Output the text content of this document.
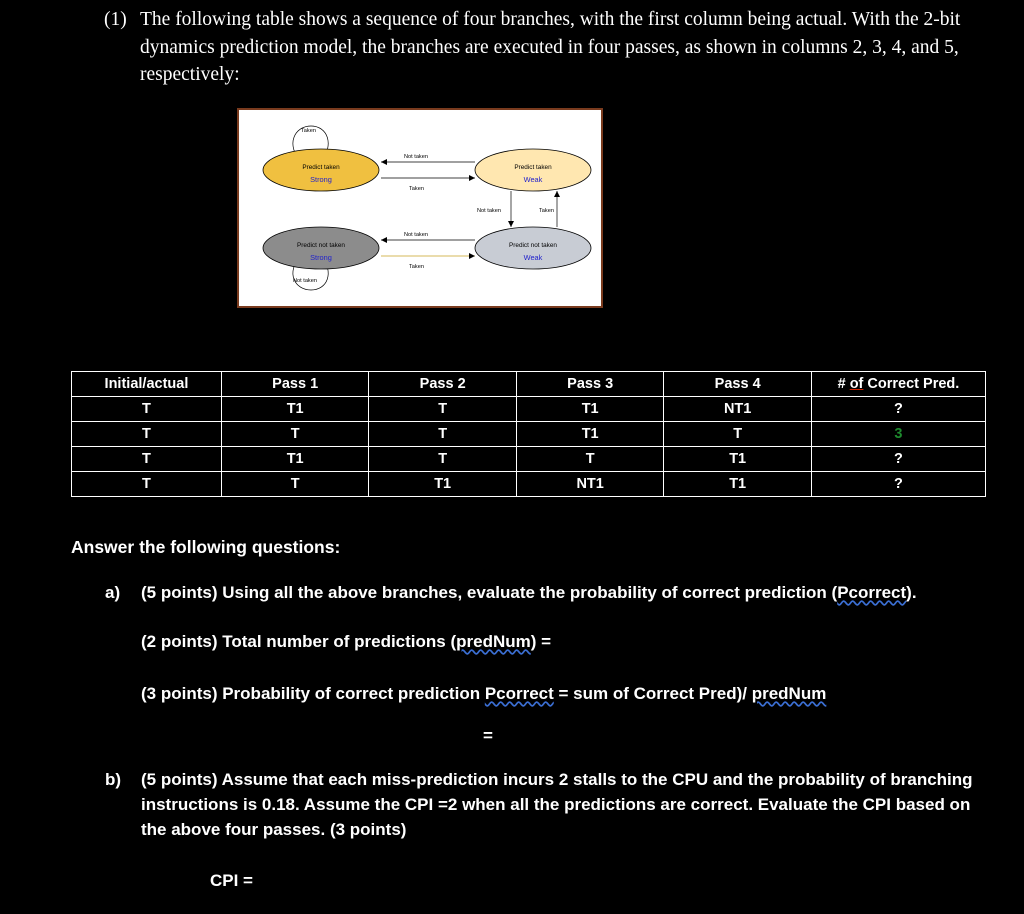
(1) The following table shows a sequence of four branches, with the first column being actual. With the 2-bit dynamics prediction model, the branches are executed in four passes, as shown in columns 2, 3, 4, and 5, respectively:
Taken
Not taken
Predict taken
Strong
Predict taken
Weak
Predict not taken
Strong
Predict not taken
Weak
Not taken
Taken
Not taken	Taken
Not taken
Taken
Initial/actual	Pass 1	Pass 2	Pass 3	Pass 4	# of Correct Pred.
T	T1	T	T1	NT1	?
T	T	T	T1	T	3
T	T1	T	T	T1	?
T	T	T1	NT1	T1	?
Answer the following questions:
a)	(5 points) Using all the above branches, evaluate the probability of correct prediction (Pcorrect).
(2 points) Total number of predictions (predNum) =
(3 points) Probability of correct prediction Pcorrect = sum of Correct Pred)/ predNum
=
b)	(5 points) Assume that each miss-prediction incurs 2 stalls to the CPU and the probability of branching instructions is 0.18. Assume the CPI =2 when all the predictions are correct. Evaluate the CPI based on the above four passes. (3 points)
CPI =
